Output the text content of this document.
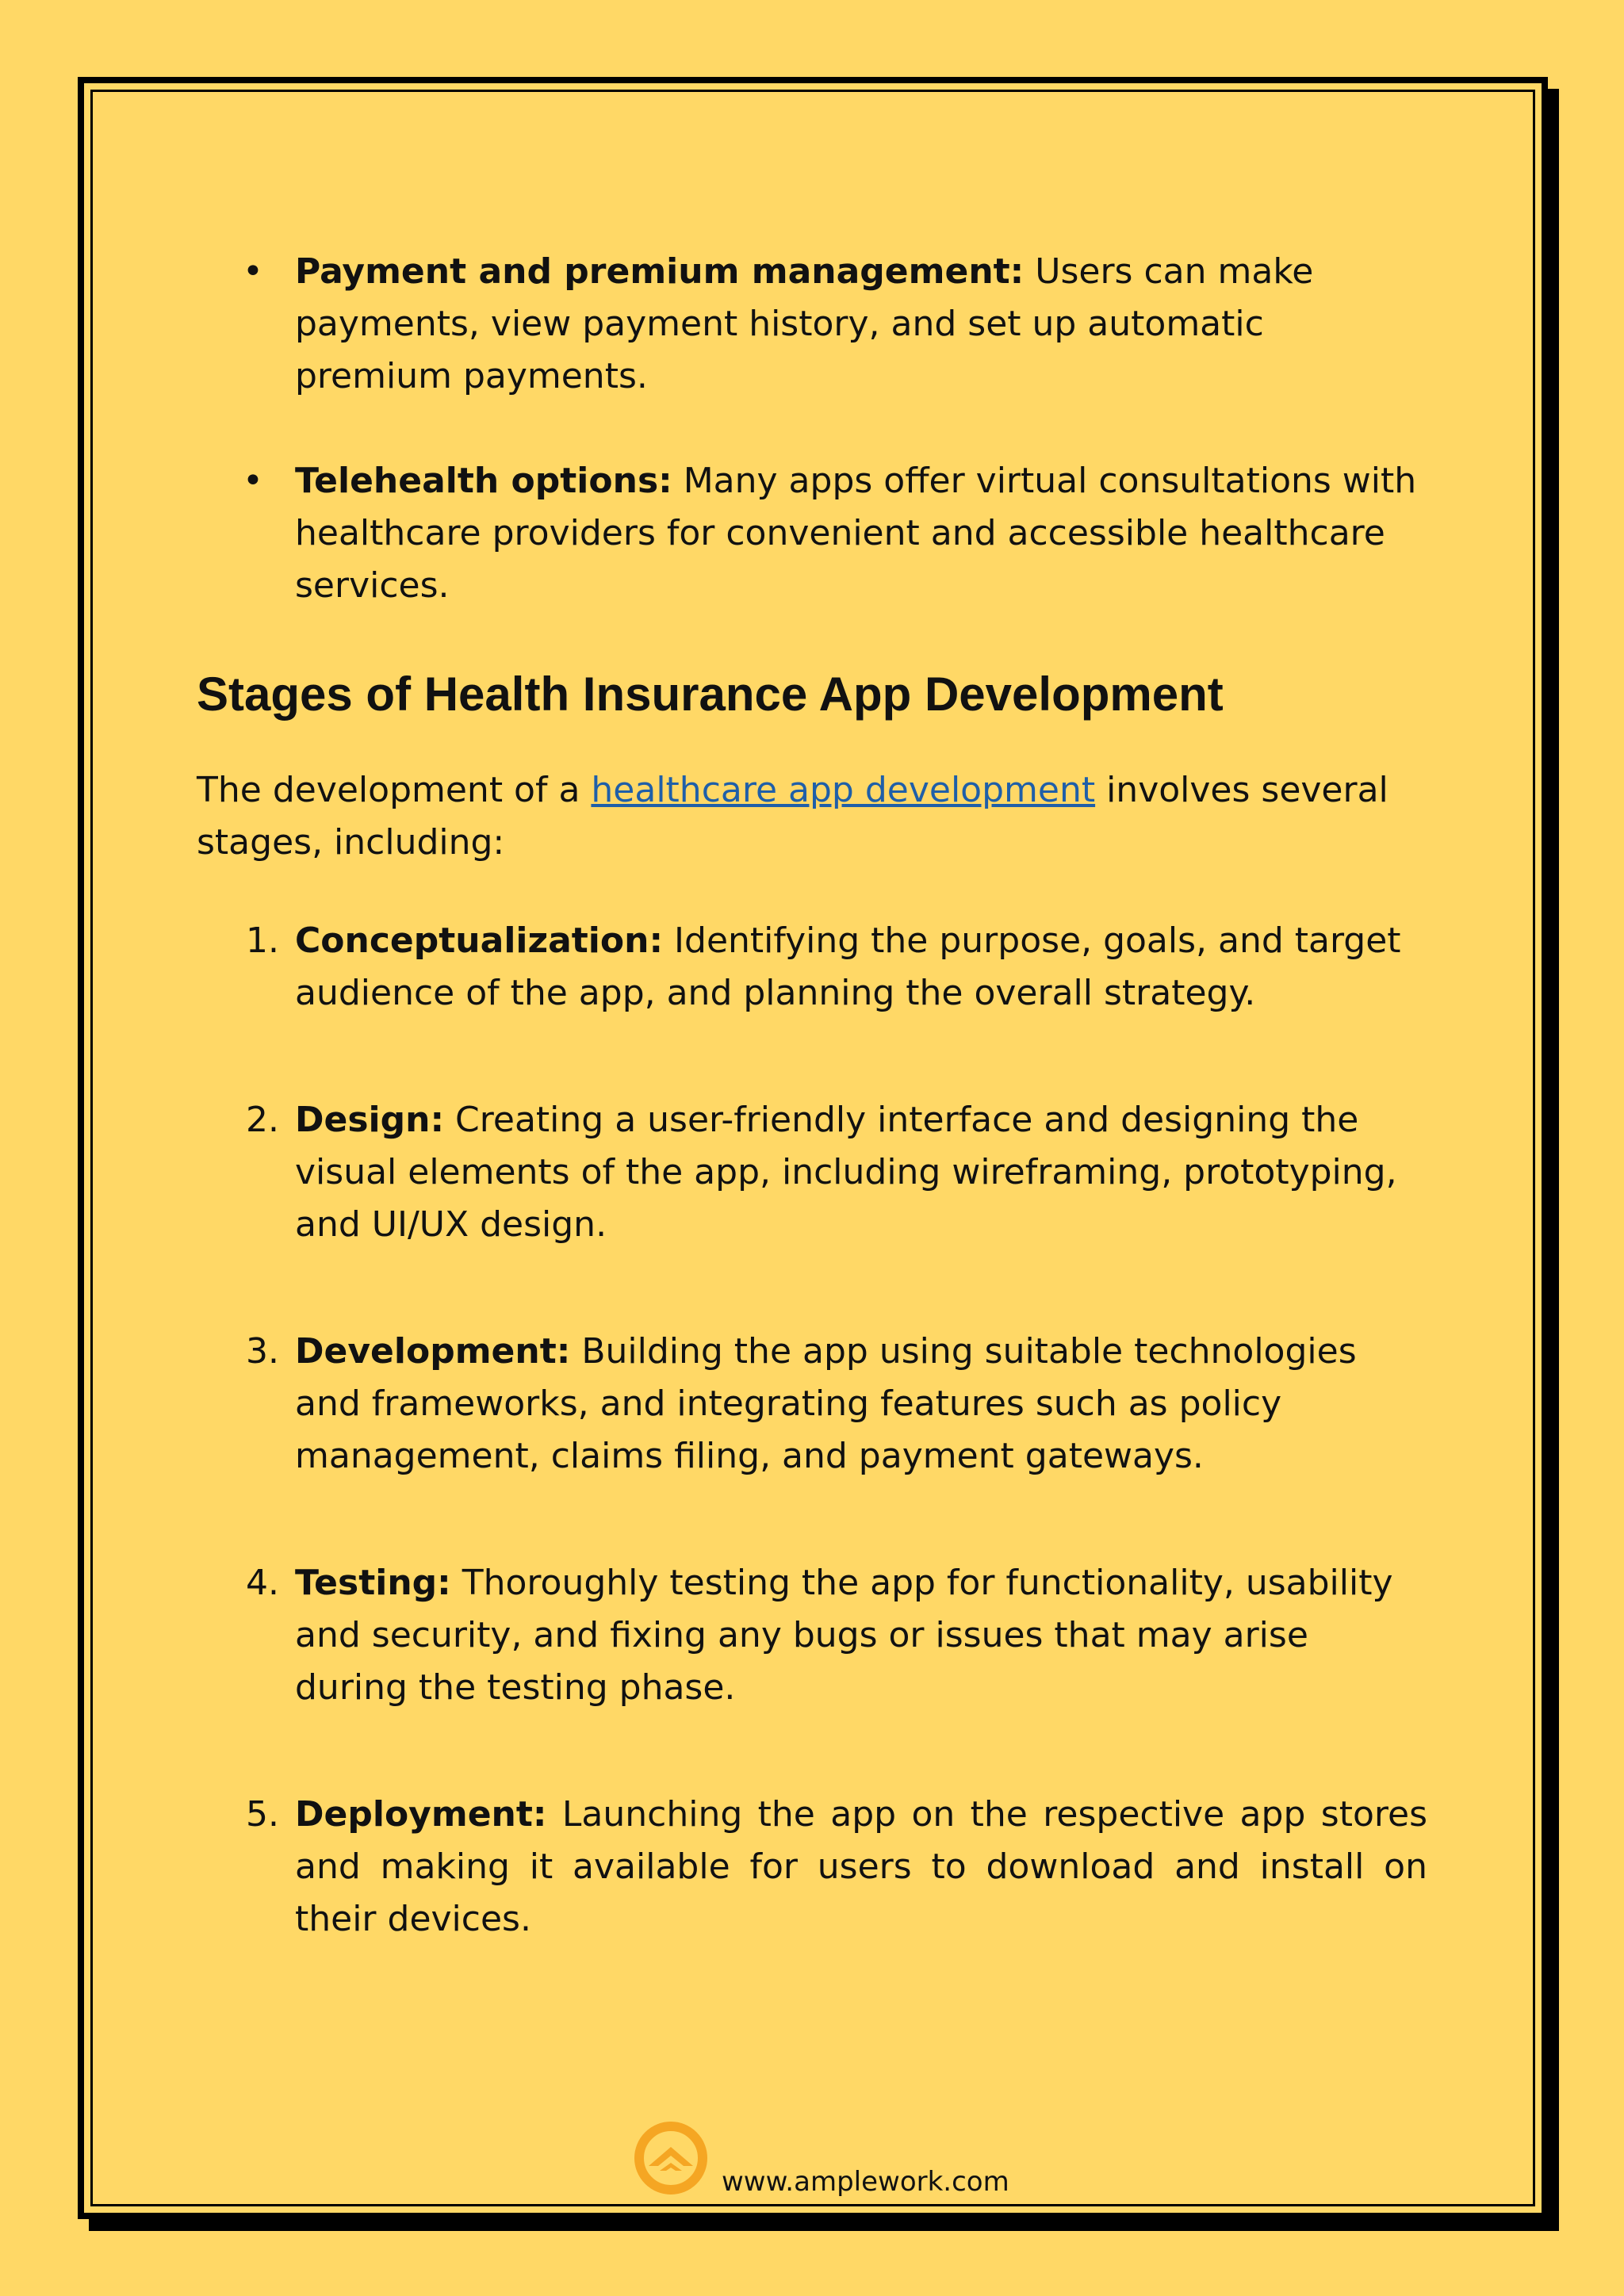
• Payment and premium management: Users can make payments, view payment history, and set up automatic premium payments.
• Telehealth options: Many apps offer virtual consultations with healthcare providers for convenient and accessible healthcare services.
Stages of Health Insurance App Development

The development of a healthcare app development involves several stages, including:

1. Conceptualization: Identifying the purpose, goals, and target audience of the app, and planning the overall strategy.
2. Design: Creating a user-friendly interface and designing the visual elements of the app, including wireframing, prototyping, and UI/UX design.
3. Development: Building the app using suitable technologies and frameworks, and integrating features such as policy management, claims filing, and payment gateways.
4. Testing: Thoroughly testing the app for functionality, usability and security, and fixing any bugs or issues that may arise during the testing phase.
5. Deployment: Launching the app on the respective app stores and making it available for users to download and install on their devices.
www.amplework.com
